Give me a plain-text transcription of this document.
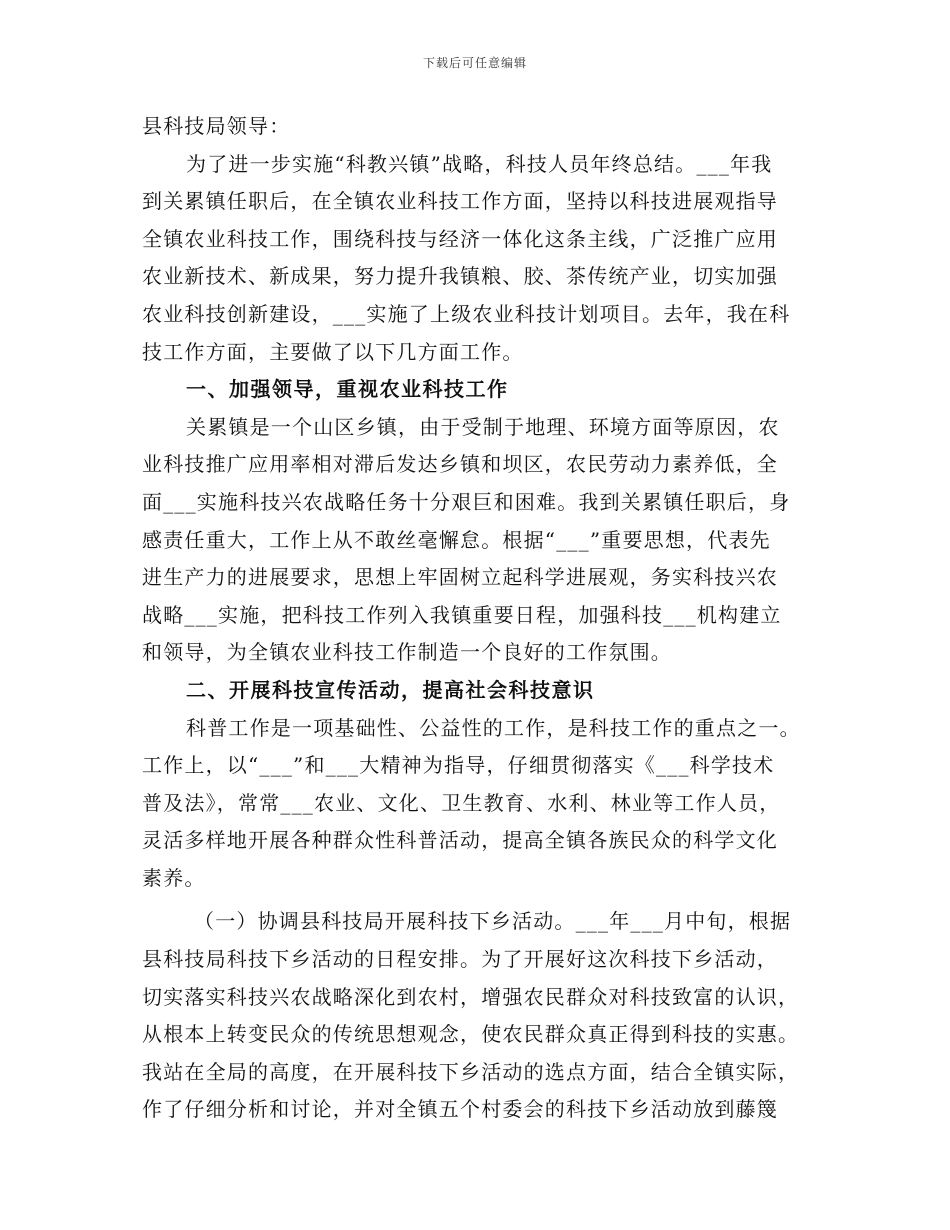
下载后可任意编辑
县科技局领导：
为了进一步实施“科教兴镇”战略，科技人员年终总结。___年我
到关累镇任职后，在全镇农业科技工作方面，坚持以科技进展观指导
全镇农业科技工作，围绕科技与经济一体化这条主线，广泛推广应用
农业新技术、新成果，努力提升我镇粮、胶、茶传统产业，切实加强
农业科技创新建设，___实施了上级农业科技计划项目。去年，我在科
技工作方面，主要做了以下几方面工作。
一、加强领导，重视农业科技工作
关累镇是一个山区乡镇，由于受制于地理、环境方面等原因，农
业科技推广应用率相对滞后发达乡镇和坝区，农民劳动力素养低，全
面___实施科技兴农战略任务十分艰巨和困难。我到关累镇任职后，身
感责任重大，工作上从不敢丝毫懈怠。根据“___”重要思想，代表先
进生产力的进展要求，思想上牢固树立起科学进展观，务实科技兴农
战略___实施，把科技工作列入我镇重要日程，加强科技___机构建立
和领导，为全镇农业科技工作制造一个良好的工作氛围。
二、开展科技宣传活动，提高社会科技意识
科普工作是一项基础性、公益性的工作，是科技工作的重点之一。
工作上，以“___”和___大精神为指导，仔细贯彻落实《___科学技术
普及法》，常常___农业、文化、卫生教育、水利、林业等工作人员，
灵活多样地开展各种群众性科普活动，提高全镇各族民众的科学文化
素养。
（一）协调县科技局开展科技下乡活动。___年___月中旬，根据
县科技局科技下乡活动的日程安排。为了开展好这次科技下乡活动，
切实落实科技兴农战略深化到农村，增强农民群众对科技致富的认识，
从根本上转变民众的传统思想观念，使农民群众真正得到科技的实惠。
我站在全局的高度，在开展科技下乡活动的选点方面，结合全镇实际，
作了仔细分析和讨论，并对全镇五个村委会的科技下乡活动放到藤篾
